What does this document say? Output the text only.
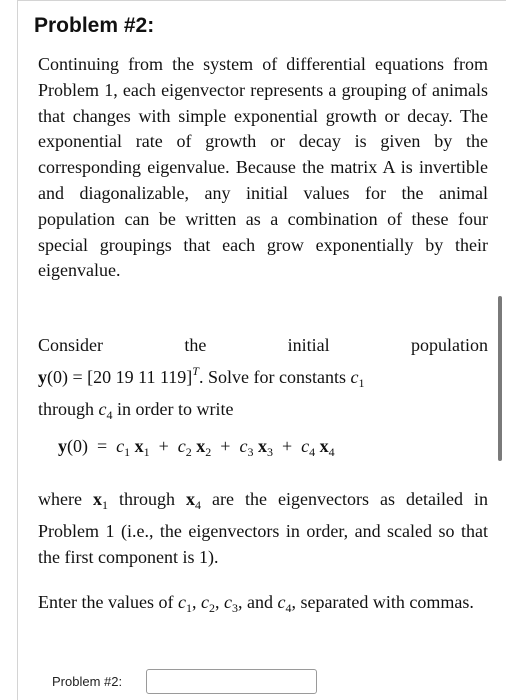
Problem #2:
Continuing from the system of differential equations from Problem 1, each eigenvector represents a grouping of animals that changes with simple exponential growth or decay. The exponential rate of growth or decay is given by the corresponding eigenvalue. Because the matrix A is invertible and diagonalizable, any initial values for the animal population can be written as a combination of these four special groupings that each grow exponentially by their eigenvalue.
Consider	the	initial	population
y(0) = [20 19 11 119]$^T$. Solve for constants $c_1$
through $c_4$ in order to write
$y(0) = c_1$ $x_1 + c_2$ $x_2 + c_3$ $x_3 + c_4$ $x_4$
where $x_1$ through $x_4$ are the eigenvectors as detailed in Problem 1 (i.e., the eigenvectors in order, and scaled so that the first component is 1).
Enter the values of $c_1$, $c_2$, $c_3$, and $c_4$, separated with commas.
Problem #2:
